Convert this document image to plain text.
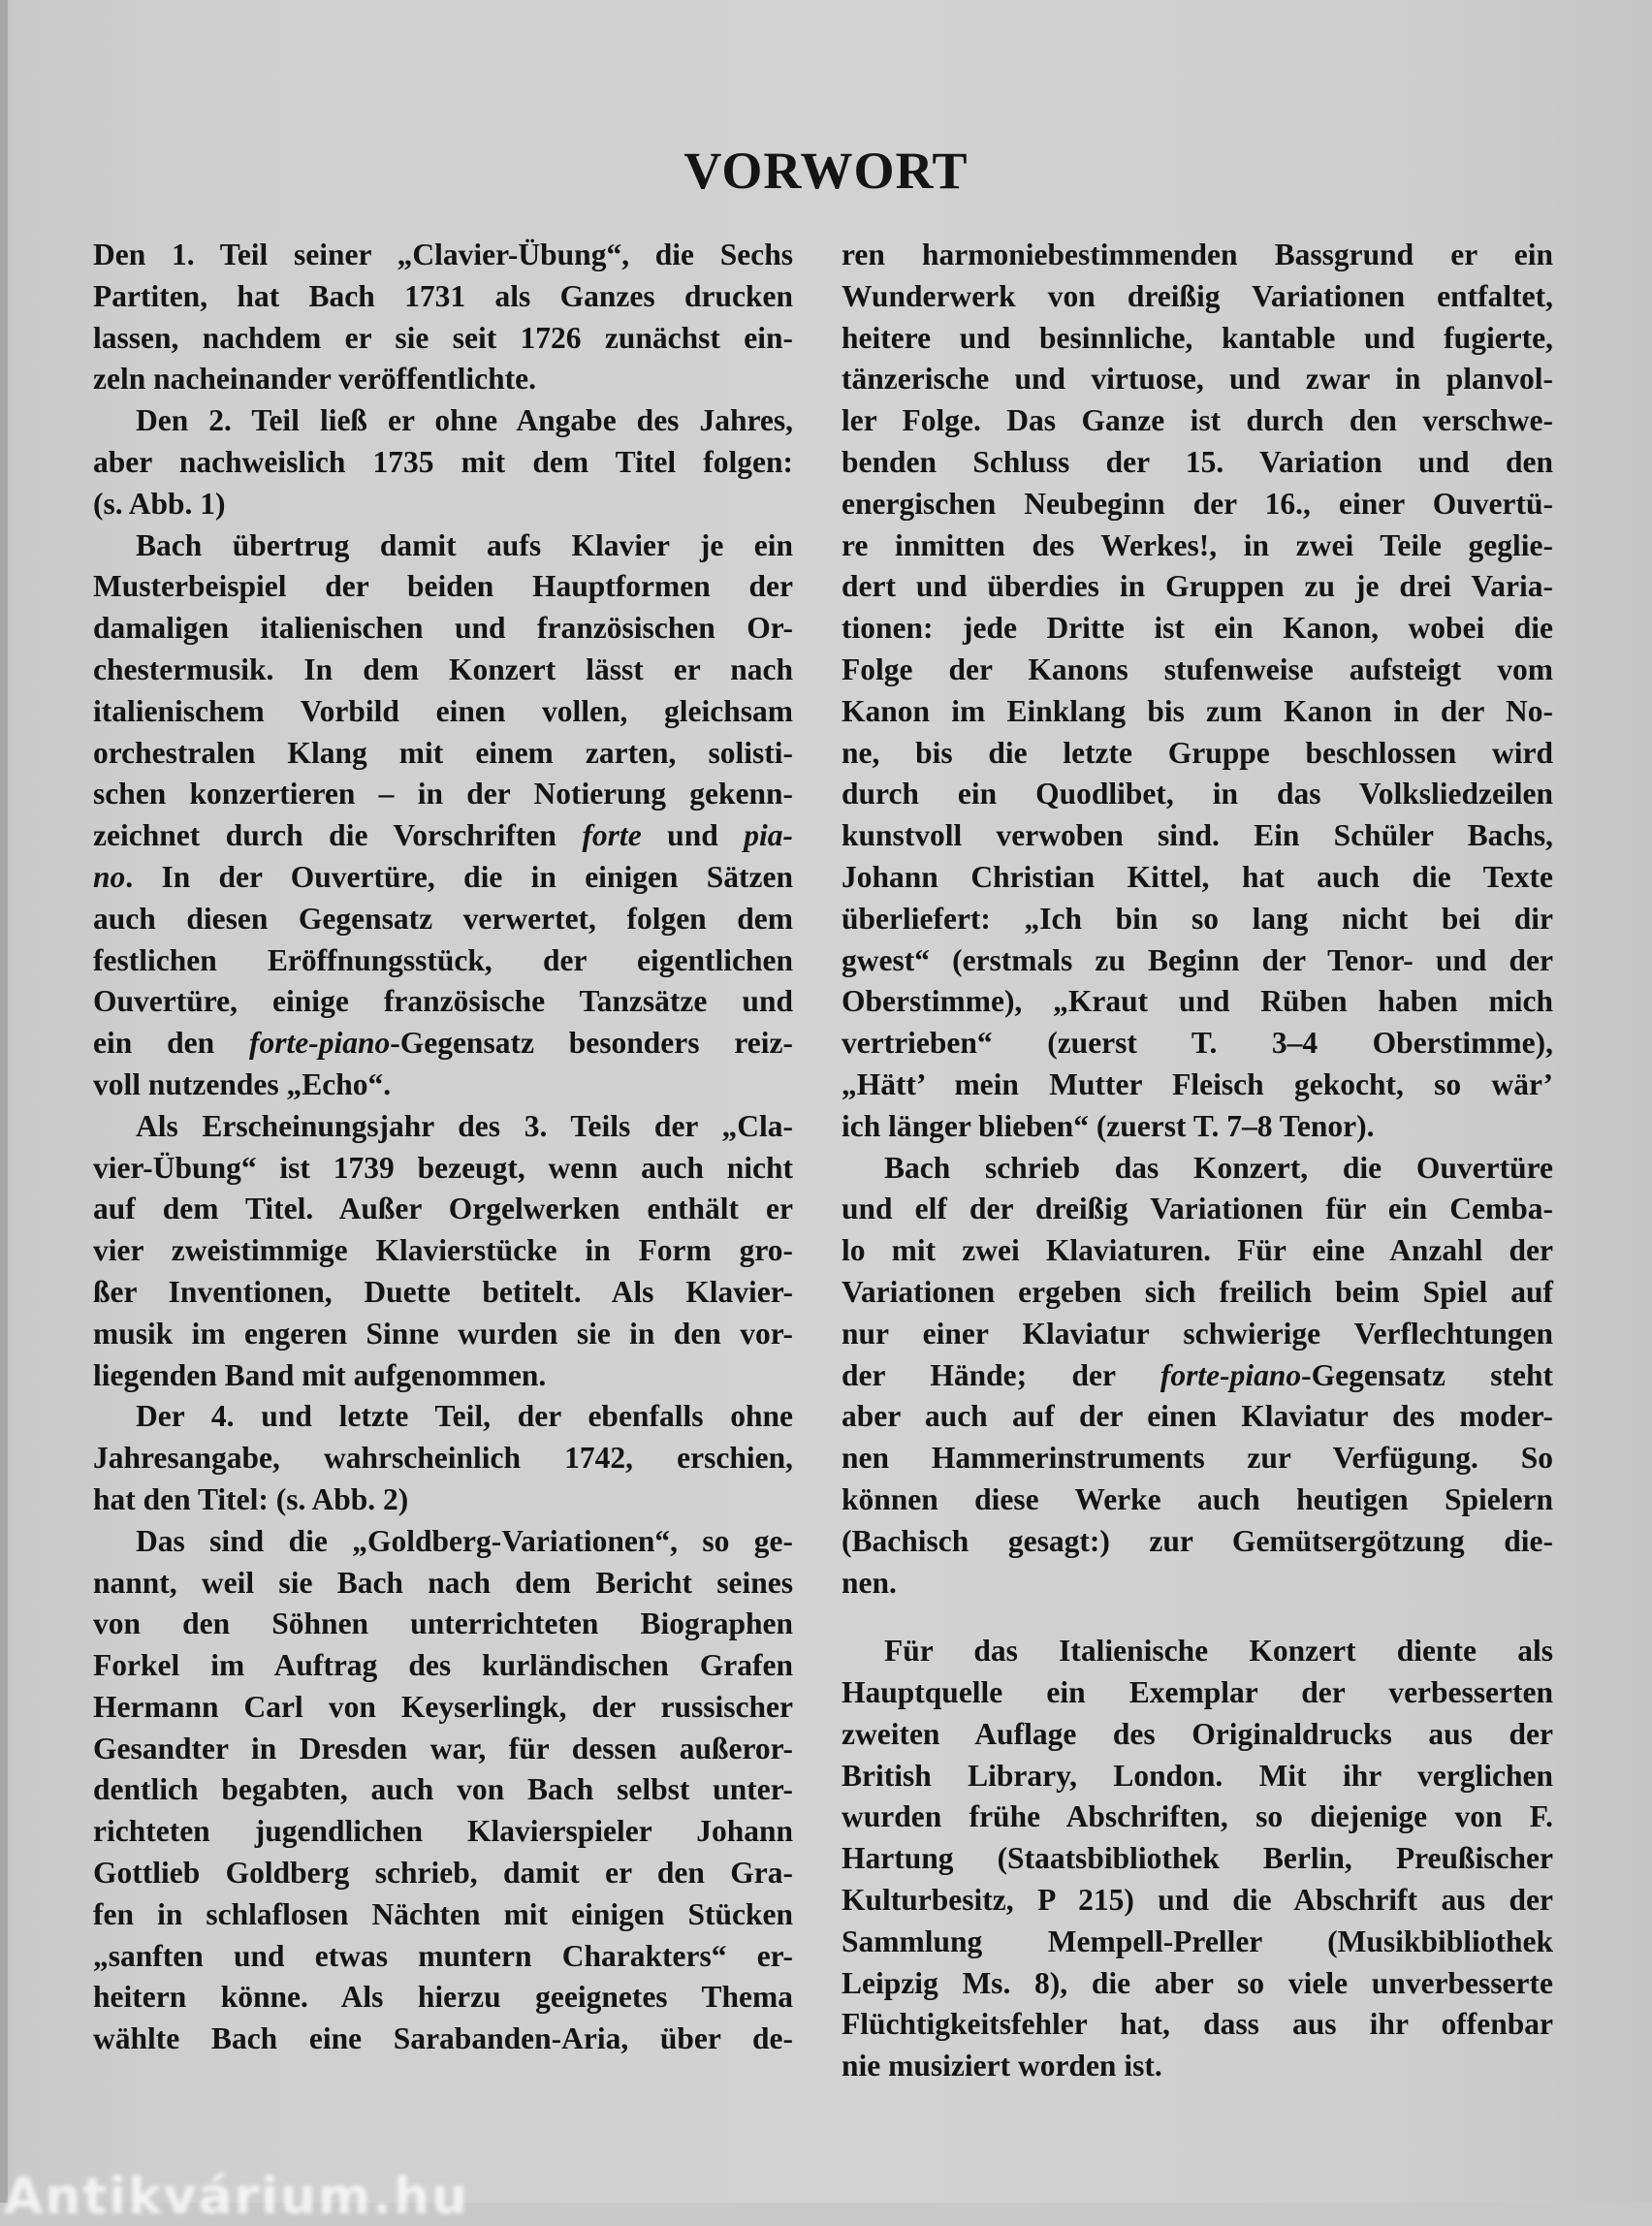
VORWORT

Den 1. Teil seiner „Clavier-Übung“, die Sechs
Partiten, hat Bach 1731 als Ganzes drucken
lassen, nachdem er sie seit 1726 zunächst ein-
zeln nacheinander veröffentlichte.

Den 2. Teil ließ er ohne Angabe des Jahres,
aber nachweislich 1735 mit dem Titel folgen:
(s. Abb. 1)

Bach übertrug damit aufs Klavier je ein
Musterbeispiel der beiden Hauptformen der
damaligen italienischen und französischen Or-
chestermusik. In dem Konzert lässt er nach
italienischem Vorbild einen vollen, gleichsam
orchestralen Klang mit einem zarten, solisti-
schen konzertieren – in der Notierung gekenn-
zeichnet durch die Vorschriften forte und pia-
no. In der Ouvertüre, die in einigen Sätzen
auch diesen Gegensatz verwertet, folgen dem
festlichen Eröffnungsstück, der eigentlichen
Ouvertüre, einige französische Tanzsätze und
ein den forte-piano-Gegensatz besonders reiz-
voll nutzendes „Echo“.

Als Erscheinungsjahr des 3. Teils der „Cla-
vier-Übung“ ist 1739 bezeugt, wenn auch nicht
auf dem Titel. Außer Orgelwerken enthält er
vier zweistimmige Klavierstücke in Form gro-
ßer Inventionen, Duette betitelt. Als Klavier-
musik im engeren Sinne wurden sie in den vor-
liegenden Band mit aufgenommen.

Der 4. und letzte Teil, der ebenfalls ohne
Jahresangabe, wahrscheinlich 1742, erschien,
hat den Titel: (s. Abb. 2)

Das sind die „Goldberg-Variationen“, so ge-
nannt, weil sie Bach nach dem Bericht seines
von den Söhnen unterrichteten Biographen
Forkel im Auftrag des kurländischen Grafen
Hermann Carl von Keyserlingk, der russischer
Gesandter in Dresden war, für dessen außeror-
dentlich begabten, auch von Bach selbst unter-
richteten jugendlichen Klavierspieler Johann
Gottlieb Goldberg schrieb, damit er den Gra-
fen in schlaflosen Nächten mit einigen Stücken
„sanften und etwas muntern Charakters“ er-
heitern könne. Als hierzu geeignetes Thema
wählte Bach eine Sarabanden-Aria, über de-

ren harmoniebestimmenden Bassgrund er ein
Wunderwerk von dreißig Variationen entfaltet,
heitere und besinnliche, kantable und fugierte,
tänzerische und virtuose, und zwar in planvol-
ler Folge. Das Ganze ist durch den verschwe-
benden Schluss der 15. Variation und den
energischen Neubeginn der 16., einer Ouvertü-
re inmitten des Werkes!, in zwei Teile geglie-
dert und überdies in Gruppen zu je drei Varia-
tionen: jede Dritte ist ein Kanon, wobei die
Folge der Kanons stufenweise aufsteigt vom
Kanon im Einklang bis zum Kanon in der No-
ne, bis die letzte Gruppe beschlossen wird
durch ein Quodlibet, in das Volksliedzeilen
kunstvoll verwoben sind. Ein Schüler Bachs,
Johann Christian Kittel, hat auch die Texte
überliefert: „Ich bin so lang nicht bei dir
gwest“ (erstmals zu Beginn der Tenor- und der
Oberstimme), „Kraut und Rüben haben mich
vertrieben“ (zuerst T. 3–4 Oberstimme),
„Hätt’ mein Mutter Fleisch gekocht, so wär’
ich länger blieben“ (zuerst T. 7–8 Tenor).

Bach schrieb das Konzert, die Ouvertüre
und elf der dreißig Variationen für ein Cemba-
lo mit zwei Klaviaturen. Für eine Anzahl der
Variationen ergeben sich freilich beim Spiel auf
nur einer Klaviatur schwierige Verflechtungen
der Hände; der forte-piano-Gegensatz steht
aber auch auf der einen Klaviatur des moder-
nen Hammerinstruments zur Verfügung. So
können diese Werke auch heutigen Spielern
(Bachisch gesagt:) zur Gemütsergötzung die-
nen.

Für das Italienische Konzert diente als
Hauptquelle ein Exemplar der verbesserten
zweiten Auflage des Originaldrucks aus der
British Library, London. Mit ihr verglichen
wurden frühe Abschriften, so diejenige von F.
Hartung (Staatsbibliothek Berlin, Preußischer
Kulturbesitz, P 215) und die Abschrift aus der
Sammlung Mempell-Preller (Musikbibliothek
Leipzig Ms. 8), die aber so viele unverbesserte
Flüchtigkeitsfehler hat, dass aus ihr offenbar
nie musiziert worden ist.

Antikvárium.hu
